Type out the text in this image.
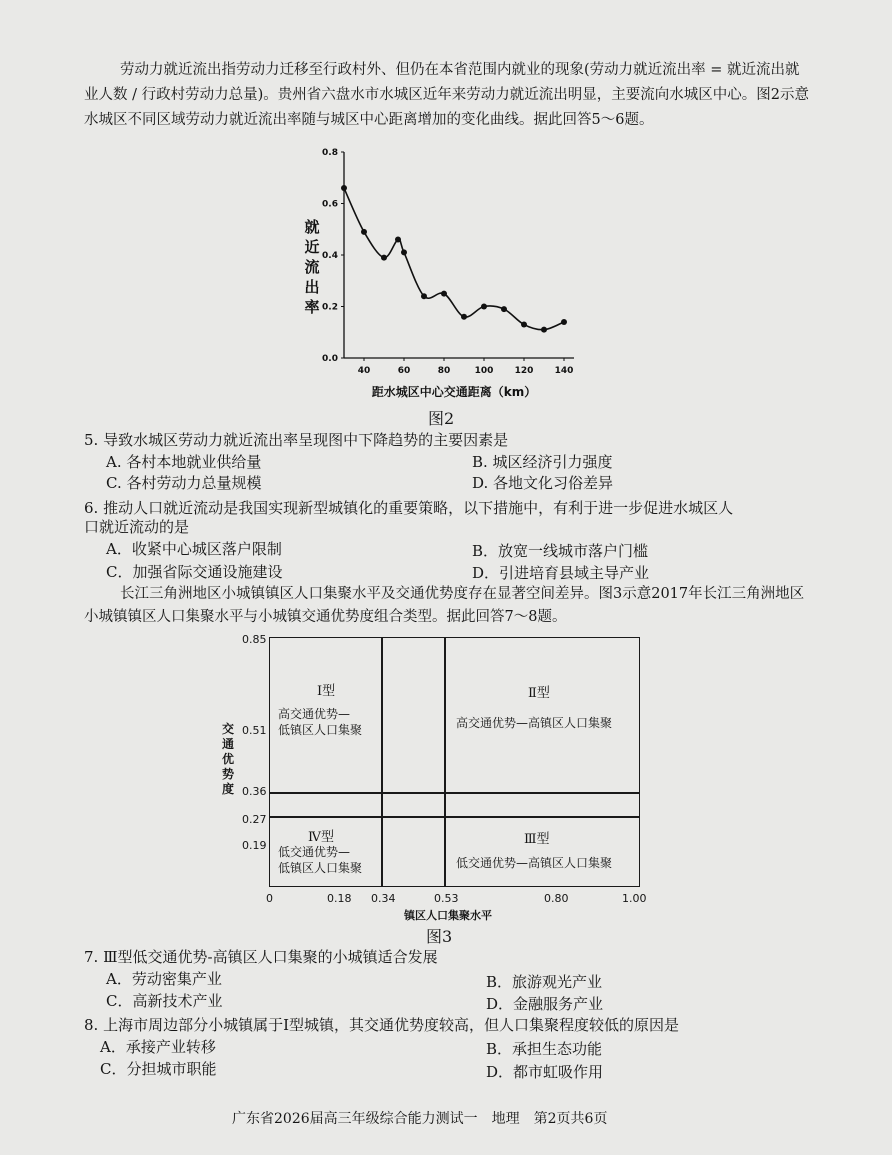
劳动力就近流出指劳动力迁移至行政村外、但仍在本省范围内就业的现象(劳动力就近流出率 = 就近流出就业人数 / 行政村劳动力总量)。贵州省六盘水市水城区近年来劳动力就近流出明显，主要流向水城区中心。图2示意水城区不同区域劳动力就近流出率随与城区中心距离增加的变化曲线。据此回答5～6题。
0.0
0.2
0.4
0.6
0.8
40	60	80	100 120 140
就近流出率
距水城区中心交通距离（km）
图2
5. 导致水城区劳动力就近流出率呈现图中下降趋势的主要因素是
A. 各村本地就业供给量	B. 城区经济引力强度
C. 各村劳动力总量规模	D. 各地文化习俗差异
6. 推动人口就近流动是我国实现新型城镇化的重要策略，以下措施中，有利于进一步促进水城区人
口就近流动的是
A．收紧中心城区落户限制	B．放宽一线城市落户门槛
C．加强省际交通设施建设	D．引进培育县域主导产业
长江三角洲地区小城镇镇区人口集聚水平及交通优势度存在显著空间差异。图3示意2017年长江三角洲地区小城镇镇区人口集聚水平与小城镇交通优势度组合类型。据此回答7～8题。
交通优势度
0.85
0.51
0.36
0.27
0.19
Ⅰ型
高交通优势—
低镇区人口集聚
Ⅱ型
高交通优势—高镇区人口集聚
Ⅳ型
低交通优势—
低镇区人口集聚
Ⅲ型
低交通优势—高镇区人口集聚
0	0.18 0.34	0.53	0.80	1.00
镇区人口集聚水平
图3
7. Ⅲ型低交通优势-高镇区人口集聚的小城镇适合发展
A．劳动密集产业	B．旅游观光产业
C．高新技术产业	D．金融服务产业
8. 上海市周边部分小城镇属于Ⅰ型城镇，其交通优势度较高，但人口集聚程度较低的原因是
A．承接产业转移	B．承担生态功能
C．分担城市职能	D．都市虹吸作用
广东省2026届高三年级综合能力测试一　地理　第2页共6页
